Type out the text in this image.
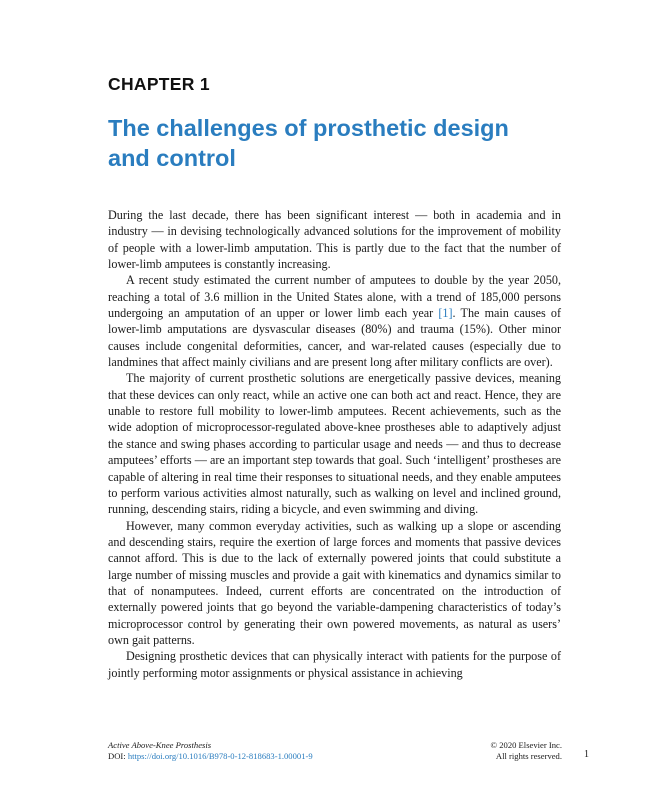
CHAPTER 1
The challenges of prosthetic design and control

During the last decade, there has been significant interest — both in academia and in industry — in devising technologically advanced solutions for the improvement of mobility of people with a lower-limb amputation. This is partly due to the fact that the number of lower-limb amputees is constantly increasing.

A recent study estimated the current number of amputees to double by the year 2050, reaching a total of 3.6 million in the United States alone, with a trend of 185,000 persons undergoing an amputation of an upper or lower limb each year [1]. The main causes of lower-limb amputations are dysvascular diseases (80%) and trauma (15%). Other minor causes include congenital deformities, cancer, and war-related causes (especially due to landmines that affect mainly civilians and are present long after military conflicts are over).

The majority of current prosthetic solutions are energetically passive devices, meaning that these devices can only react, while an active one can both act and react. Hence, they are unable to restore full mobility to lower-limb amputees. Recent achievements, such as the wide adoption of microprocessor-regulated above-knee prostheses able to adaptively adjust the stance and swing phases according to particular usage and needs — and thus to decrease amputees’ efforts — are an important step towards that goal. Such ‘intelligent’ prostheses are capable of altering in real time their responses to situational needs, and they enable amputees to perform various activities almost naturally, such as walking on level and inclined ground, running, descending stairs, riding a bicycle, and even swimming and diving.

However, many common everyday activities, such as walking up a slope or ascending and descending stairs, require the exertion of large forces and moments that passive devices cannot afford. This is due to the lack of externally powered joints that could substitute a large number of missing muscles and provide a gait with kinematics and dynamics similar to that of nonamputees. Indeed, current efforts are concentrated on the introduction of externally powered joints that go beyond the variable-dampening characteristics of today’s microprocessor control by generating their own powered movements, as natural as users’ own gait patterns.

Designing prosthetic devices that can physically interact with patients for the purpose of jointly performing motor assignments or physical assistance in achieving

Active Above-Knee Prosthesis
DOI: https://doi.org/10.1016/B978-0-12-818683-1.00001-9
© 2020 Elsevier Inc.
All rights reserved. 1
